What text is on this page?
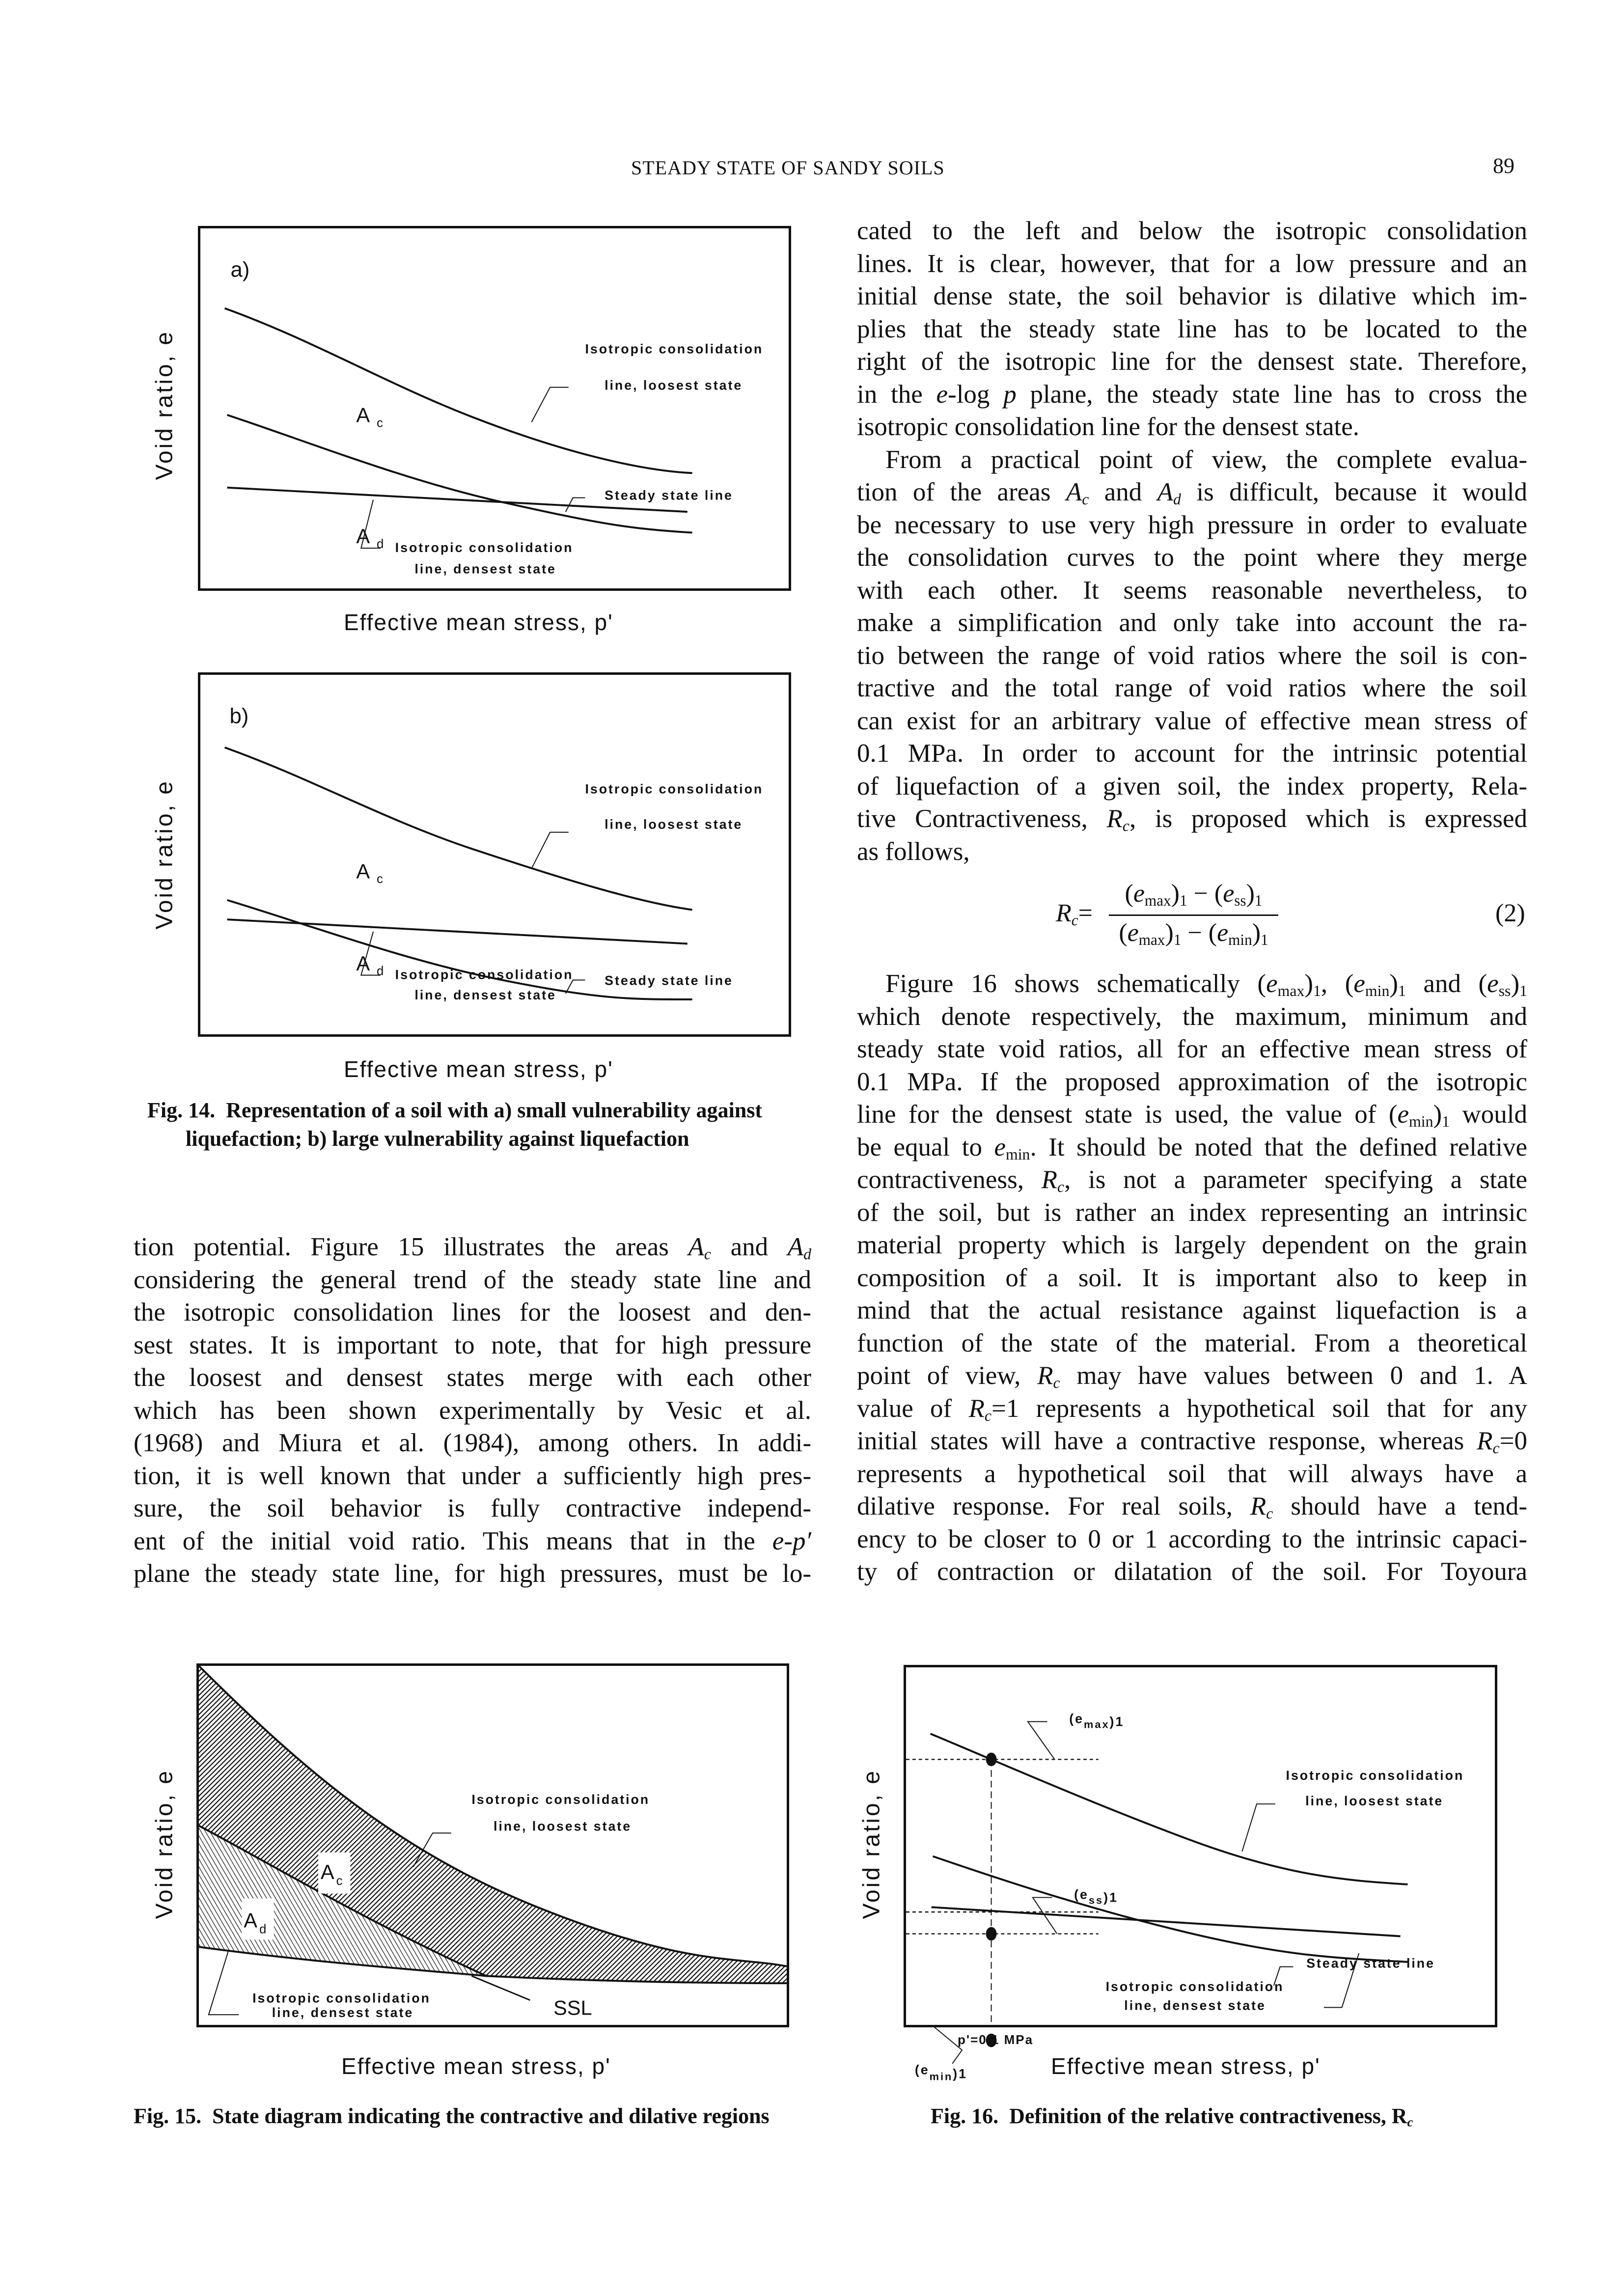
STEADY STATE OF SANDY SOILS	89
Void ratio, e
a)
Isotropic consolidation
line, loosest state
Steady state line
Isotropic consolidation
line, densest state
A c
A d
Effective mean stress, p'
Void ratio, e
b)
Isotropic consolidation
line, loosest state
Steady state line
Isotropic consolidation
line, densest state
A c
A d
Effective mean stress, p'
Fig. 14. Representation of a soil with a) small vulnerability against
liquefaction; b) large vulnerability against liquefaction
tion potential. Figure 15 illustrates the areas $A_c$ and $A_d$
considering the general trend of the steady state line and
the isotropic consolidation lines for the loosest and den-
sest states. It is important to note, that for high pressure
the loosest and densest states merge with each other
which has been shown experimentally by Vesic et al.
(1968) and Miura et al. (1984), among others. In addi-
tion, it is well known that under a sufficiently high pres-
sure, the soil behavior is fully contractive independ-
ent of the initial void ratio. This means that in the e-p′
plane the steady state line, for high pressures, must be lo-
cated to the left and below the isotropic consolidation
lines. It is clear, however, that for a low pressure and an
initial dense state, the soil behavior is dilative which im-
plies that the steady state line has to be located to the
right of the isotropic line for the densest state. Therefore,
in the e-log p plane, the steady state line has to cross the
isotropic consolidation line for the densest state.
From a practical point of view, the complete evalua-
tion of the areas $A_c$ and $A_d$ is difficult, because it would
be necessary to use very high pressure in order to evaluate
the consolidation curves to the point where they merge
with each other. It seems reasonable nevertheless, to
make a simplification and only take into account the ra-
tio between the range of void ratios where the soil is con-
tractive and the total range of void ratios where the soil
can exist for an arbitrary value of effective mean stress of
0.1 MPa. In order to account for the intrinsic potential
of liquefaction of a given soil, the index property, Rela-
tive Contractiveness, $R_c$, is proposed which is expressed
as follows,
$R_c=$
$(e_{max})_1 - (e_{ss})_1$
$(e_{max})_1 - (e_{min})_1$
(2)
Figure 16 shows schematically $(e_{max})_1$, $(e_{min})_1$ and $(e_{ss})_1$
which denote respectively, the maximum, minimum and
steady state void ratios, all for an effective mean stress of
0.1 MPa. If the proposed approximation of the isotropic
line for the densest state is used, the value of $(e_{min})_1$ would
be equal to $e_{min}$. It should be noted that the defined relative
contractiveness, $R_c$, is not a parameter specifying a state
of the soil, but is rather an index representing an intrinsic
material property which is largely dependent on the grain
composition of a soil. It is important also to keep in
mind that the actual resistance against liquefaction is a
function of the state of the material. From a theoretical
point of view, $R_c$ may have values between 0 and 1. A
value of $R_c=1$ represents a hypothetical soil that for any
initial states will have a contractive response, whereas $R_c=0$
represents a hypothetical soil that will always have a
dilative response. For real soils, $R_c$ should have a tend-
ency to be closer to 0 or 1 according to the intrinsic capaci-
ty of contraction or dilatation of the soil. For Toyoura
Void ratio, e	A c
A d
Isotropic consolidation
line, loosest state
Isotropic consolidation
line, densest state	SSL
Effective mean stress, p'
Fig. 15. State diagram indicating the contractive and dilative regions
Void ratio, e
$(e_{max})1$
$(e_{ss})1$
$(e_{min})1$
Isotropic consolidation
line, loosest state
Steady state line
Isotropic consolidation
line, densest state
p'=0.1 MPa
Effective mean stress, p'
Fig. 16. Definition of the relative contractiveness, $R_c$
